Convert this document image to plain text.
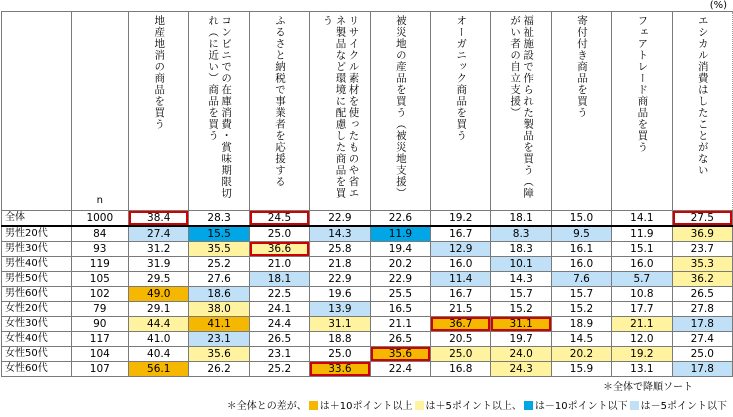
(%)

	n	地産地消の商品を買う	コンビニでの在庫消費・賞味期限切れ（に近い）商品を買う	ふるさと納税で事業者を応援する	リサイクル素材を使ったものや省エネ製品など環境に配慮した商品を買う	被災地の産品を買う（被災地支援）	オーガニック商品を買う	福祉施設で作られた製品を買う（障がい者の自立支援）	寄付付き商品を買う	フェアトレード商品を買う	エシカル消費はしたことがない

全体	1000	38.4	28.3	24.5	22.9	22.6	19.2	18.1	15.0	14.1	27.5
男性20代	84	27.4	15.5	25.0	14.3	11.9	16.7	8.3	9.5	11.9	36.9
男性30代	93	31.2	35.5	36.6	25.8	19.4	12.9	18.3	16.1	15.1	23.7
男性40代	119	31.9	25.2	21.0	21.8	20.2	16.0	10.1	16.0	16.0	35.3
男性50代	105	29.5	27.6	18.1	22.9	22.9	11.4	14.3	7.6	5.7	36.2
男性60代	102	49.0	18.6	22.5	19.6	25.5	16.7	15.7	15.7	10.8	26.5
女性20代	79	29.1	38.0	24.1	13.9	16.5	21.5	15.2	15.2	17.7	27.8
女性30代	90	44.4	41.1	24.4	31.1	21.1	36.7	31.1	18.9	21.1	17.8
女性40代	117	41.0	23.1	26.5	18.8	26.5	20.5	19.7	14.5	12.0	27.4
女性50代	104	40.4	35.6	23.1	25.0	35.6	25.0	24.0	20.2	19.2	25.0
女性60代	107	56.1	26.2	25.2	33.6	22.4	16.8	24.3	15.9	13.1	17.8
＊全体で降順ソート
＊全体との差が、 は＋10ポイント以上 は＋5ポイント以上、 は－10ポイント以下 は－5ポイント以下
